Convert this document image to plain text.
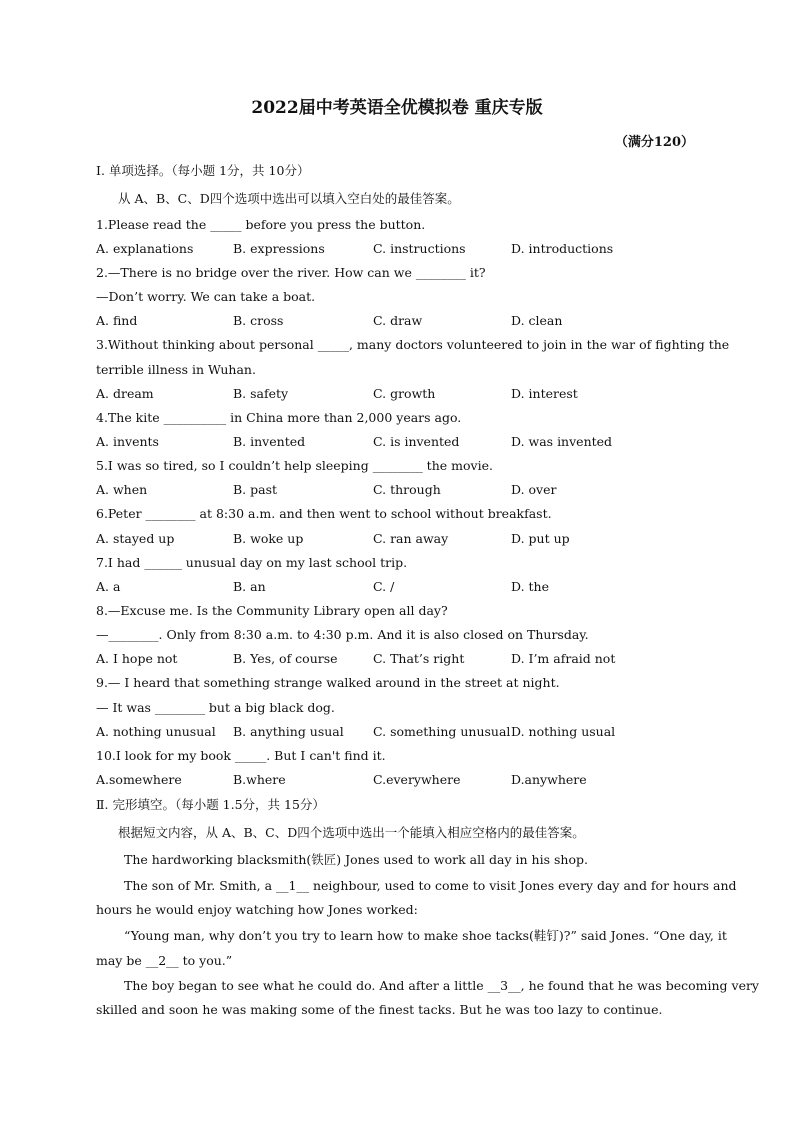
2022届中考英语全优模拟卷 重庆专版
（满分120）
Ⅰ. 单项选择。（每小题 1分，共 10分）
从 A、B、C、D四个选项中选出可以填入空白处的最佳答案。
1.Please read the _____ before you press the button.
A. explanations	B. expressions	C. instructions	D. introductions
2.—There is no bridge over the river. How can we ________ it?
—Don’t worry. We can take a boat.
A. find	B. cross	C. draw	D. clean
3.Without thinking about personal _____, many doctors volunteered to join in the war of fighting the
terrible illness in Wuhan.
A. dream	B. safety	C. growth	D. interest
4.The kite __________ in China more than 2,000 years ago.
A. invents	B. invented	C. is invented	D. was invented
5.I was so tired, so I couldn’t help sleeping ________ the movie.
A. when	B. past	C. through	D. over
6.Peter ________ at 8:30 a.m. and then went to school without breakfast.
A. stayed up	B. woke up	C. ran away	D. put up
7.I had ______ unusual day on my last school trip.
A. a	B. an	C. /	D. the
8.—Excuse me. Is the Community Library open all day?
—________. Only from 8:30 a.m. to 4:30 p.m. And it is also closed on Thursday.
A. I hope not	B. Yes, of course	C. That’s right	D. I’m afraid not
9.— I heard that something strange walked around in the street at night.
— It was ________ but a big black dog.
A. nothing unusual B. anything usual C. something unusual D. nothing usual
10.I look for my book _____. But I can't find it.
A.somewhere	B.where	C.everywhere	D.anywhere
Ⅱ. 完形填空。（每小题 1.5分，共 15分）
根据短文内容，从 A、B、C、D四个选项中选出一个能填入相应空格内的最佳答案。
The hardworking blacksmith(铁匠) Jones used to work all day in his shop.
The son of Mr. Smith, a __1__ neighbour, used to come to visit Jones every day and for hours and
hours he would enjoy watching how Jones worked:
“Young man, why don’t you try to learn how to make shoe tacks(鞋钉)?” said Jones. “One day, it
may be __2__ to you.”
The boy began to see what he could do. And after a little __3__, he found that he was becoming very
skilled and soon he was making some of the finest tacks. But he was too lazy to continue.
